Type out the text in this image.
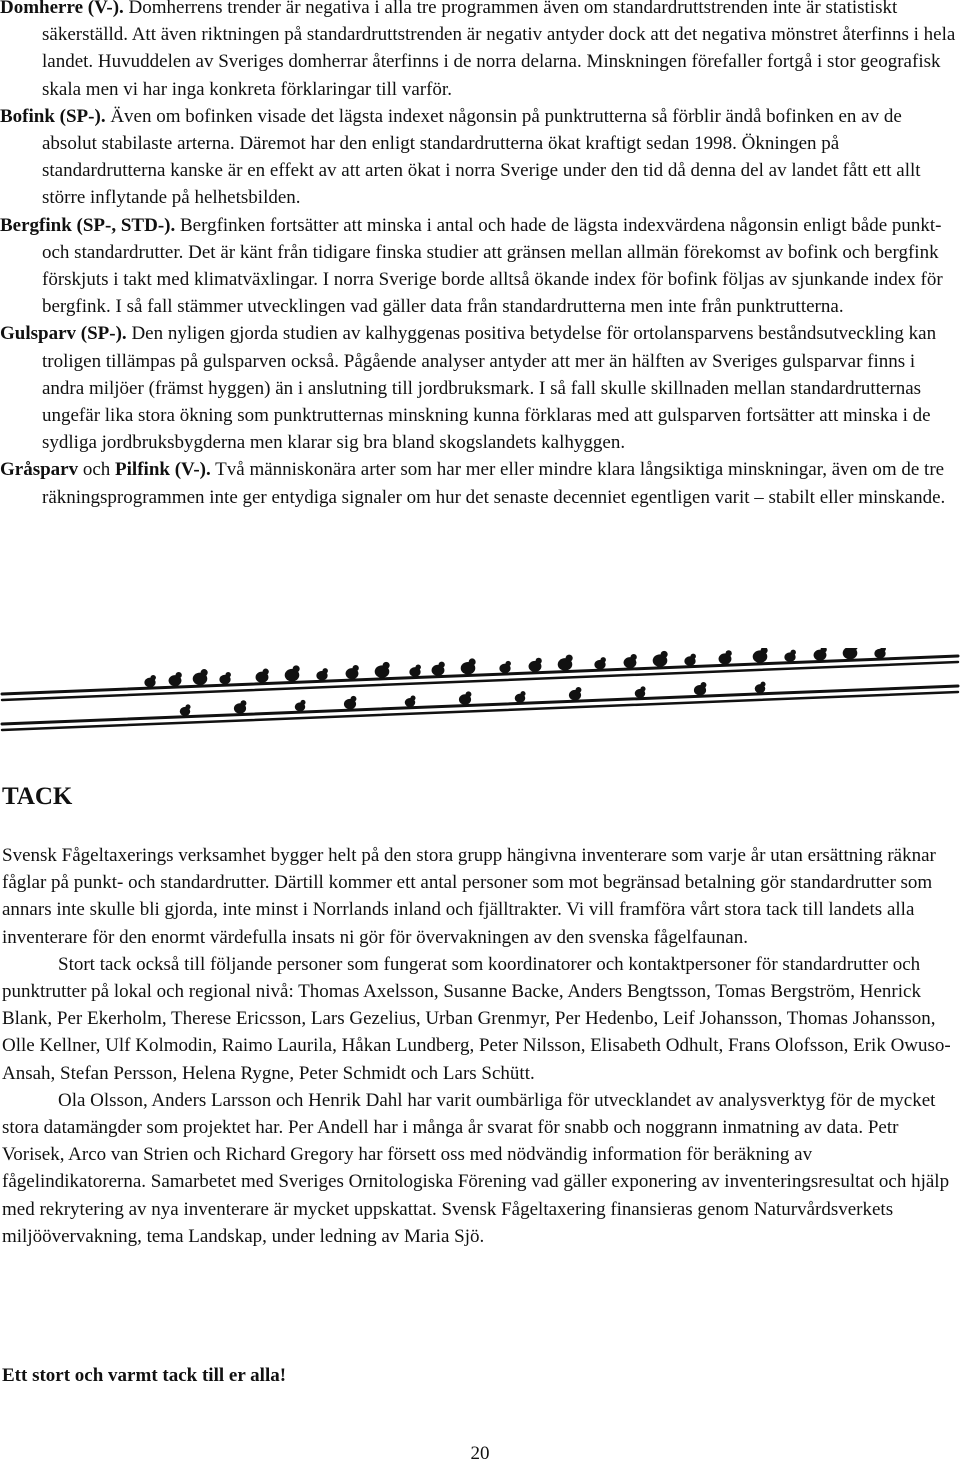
Domherre (V-). Domherrens trender är negativa i alla tre programmen även om standardruttstrenden inte är statistiskt säkerställd. Att även riktningen på standardruttstrenden är negativ antyder dock att det negativa mönstret återfinns i hela landet. Huvuddelen av Sveriges domherrar återfinns i de norra delarna. Minskningen förefaller fortgå i stor geografisk skala men vi har inga konkreta förklaringar till varför.

Bofink (SP-). Även om bofinken visade det lägsta indexet någonsin på punktrutterna så förblir ändå bofinken en av de absolut stabilaste arterna. Däremot har den enligt standardrutterna ökat kraftigt sedan 1998. Ökningen på standardrutterna kanske är en effekt av att arten ökat i norra Sverige under den tid då denna del av landet fått ett allt större inflytande på helhetsbilden.

Bergfink (SP-, STD-). Bergfinken fortsätter att minska i antal och hade de lägsta indexvärdena någonsin enligt både punkt- och standardrutter. Det är känt från tidigare finska studier att gränsen mellan allmän förekomst av bofink och bergfink förskjuts i takt med klimatväxlingar. I norra Sverige borde alltså ökande index för bofink följas av sjunkande index för bergfink. I så fall stämmer utvecklingen vad gäller data från standardrutterna men inte från punktrutterna.

Gulsparv (SP-). Den nyligen gjorda studien av kalhyggenas positiva betydelse för ortolansparvens beståndsutveckling kan troligen tillämpas på gulsparven också. Pågående analyser antyder att mer än hälften av Sveriges gulsparvar finns i andra miljöer (främst hyggen) än i anslutning till jordbruksmark. I så fall skulle skillnaden mellan standardrutternas ungefär lika stora ökning som punktrutternas minskning kunna förklaras med att gulsparven fortsätter att minska i de sydliga jordbruksbygderna men klarar sig bra bland skogslandets kalhyggen.

Gråsparv och Pilfink (V-). Två människonära arter som har mer eller mindre klara långsiktiga minskningar, även om de tre räkningsprogrammen inte ger entydiga signaler om hur det senaste decenniet egentligen varit – stabilt eller minskande.

TACK

Svensk Fågeltaxerings verksamhet bygger helt på den stora grupp hängivna inventerare som varje år utan ersättning räknar fåglar på punkt- och standardrutter. Därtill kommer ett antal personer som mot begränsad betalning gör standardrutter som annars inte skulle bli gjorda, inte minst i Norrlands inland och fjälltrakter. Vi vill framföra vårt stora tack till landets alla inventerare för den enormt värdefulla insats ni gör för övervakningen av den svenska fågelfaunan.

Stort tack också till följande personer som fungerat som koordinatorer och kontaktpersoner för standardrutter och punktrutter på lokal och regional nivå: Thomas Axelsson, Susanne Backe, Anders Bengtsson, Tomas Bergström, Henrick Blank, Per Ekerholm, Therese Ericsson, Lars Gezelius, Urban Grenmyr, Per Hedenbo, Leif Johansson, Thomas Johansson, Olle Kellner, Ulf Kolmodin, Raimo Laurila, Håkan Lundberg, Peter Nilsson, Elisabeth Odhult, Frans Olofsson, Erik Owuso-Ansah, Stefan Persson, Helena Rygne, Peter Schmidt och Lars Schütt.

Ola Olsson, Anders Larsson och Henrik Dahl har varit oumbärliga för utvecklandet av analysverktyg för de mycket stora datamängder som projektet har. Per Andell har i många år svarat för snabb och noggrann inmatning av data. Petr Vorisek, Arco van Strien och Richard Gregory har försett oss med nödvändig information för beräkning av fågelindikatorerna. Samarbetet med Sveriges Ornitologiska Förening vad gäller exponering av inventeringsresultat och hjälp med rekrytering av nya inventerare är mycket uppskattat. Svensk Fågeltaxering finansieras genom Naturvårdsverkets miljöövervakning, tema Landskap, under ledning av Maria Sjö.

Ett stort och varmt tack till er alla!

20
